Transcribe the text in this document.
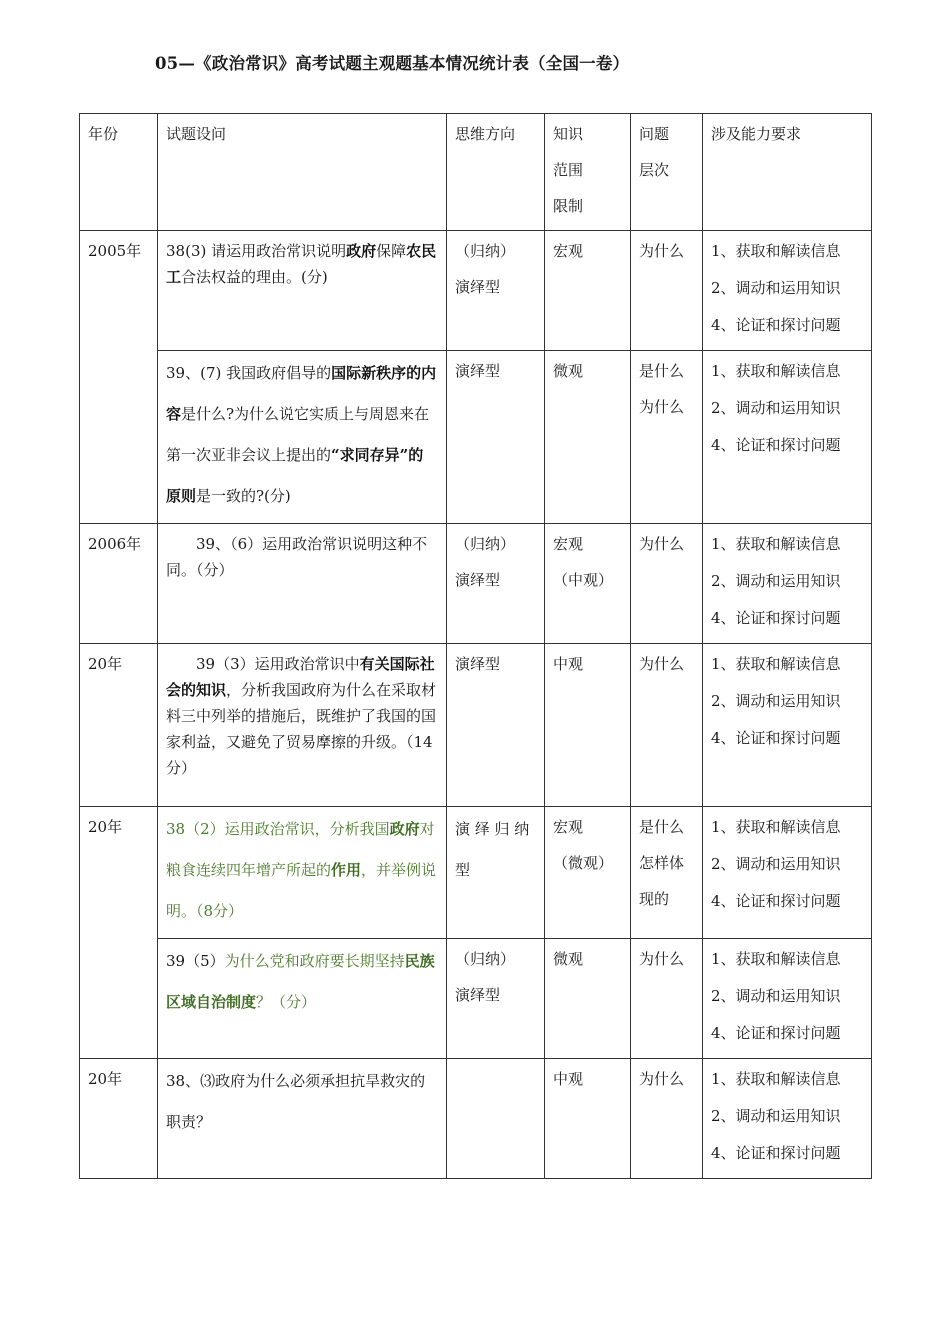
05—《政治常识》高考试题主观题基本情况统计表（全国一卷）
年份	试题设问	思维方向	知识
范围
限制	问题
层次	涉及能力要求

2005年	38(3) 请运用政治常识说明政府保障农民工合法权益的理由。(分)	（归纳）
演绎型	宏观	为什么	1、获取和解读信息
2、调动和运用知识
4、论证和探讨问题

	39、(7) 我国政府倡导的国际新秩序的内容是什么?为什么说它实质上与周恩来在第一次亚非会议上提出的“求同存异”的原则是一致的?(分)	演绎型	微观	是什么
为什么	1、获取和解读信息
2、调动和运用知识
4、论证和探讨问题

2006年	39、（6）运用政治常识说明这种不同。（分）	（归纳）
演绎型	宏观
（中观）	为什么	1、获取和解读信息
2、调动和运用知识
4、论证和探讨问题

20年	39（3）运用政治常识中有关国际社会的知识，分析我国政府为什么在采取材料三中列举的措施后，既维护了我国的国家利益，又避免了贸易摩擦的升级。（14分）	演绎型	中观	为什么	1、获取和解读信息
2、调动和运用知识
4、论证和探讨问题

20年	38（2）运用政治常识，分析我国政府对粮食连续四年增产所起的作用，并举例说明。（8分）	演 绎 归 纳
型	宏观
（微观）	是什么
怎样体
现的	1、获取和解读信息
2、调动和运用知识
4、论证和探讨问题

	39（5）为什么党和政府要长期坚持民族区域自治制度？（分）	（归纳）
演绎型	微观	为什么	1、获取和解读信息
2、调动和运用知识
4、论证和探讨问题

20年	38、⑶政府为什么必须承担抗旱救灾的职责？		中观	为什么	1、获取和解读信息
2、调动和运用知识
4、论证和探讨问题
